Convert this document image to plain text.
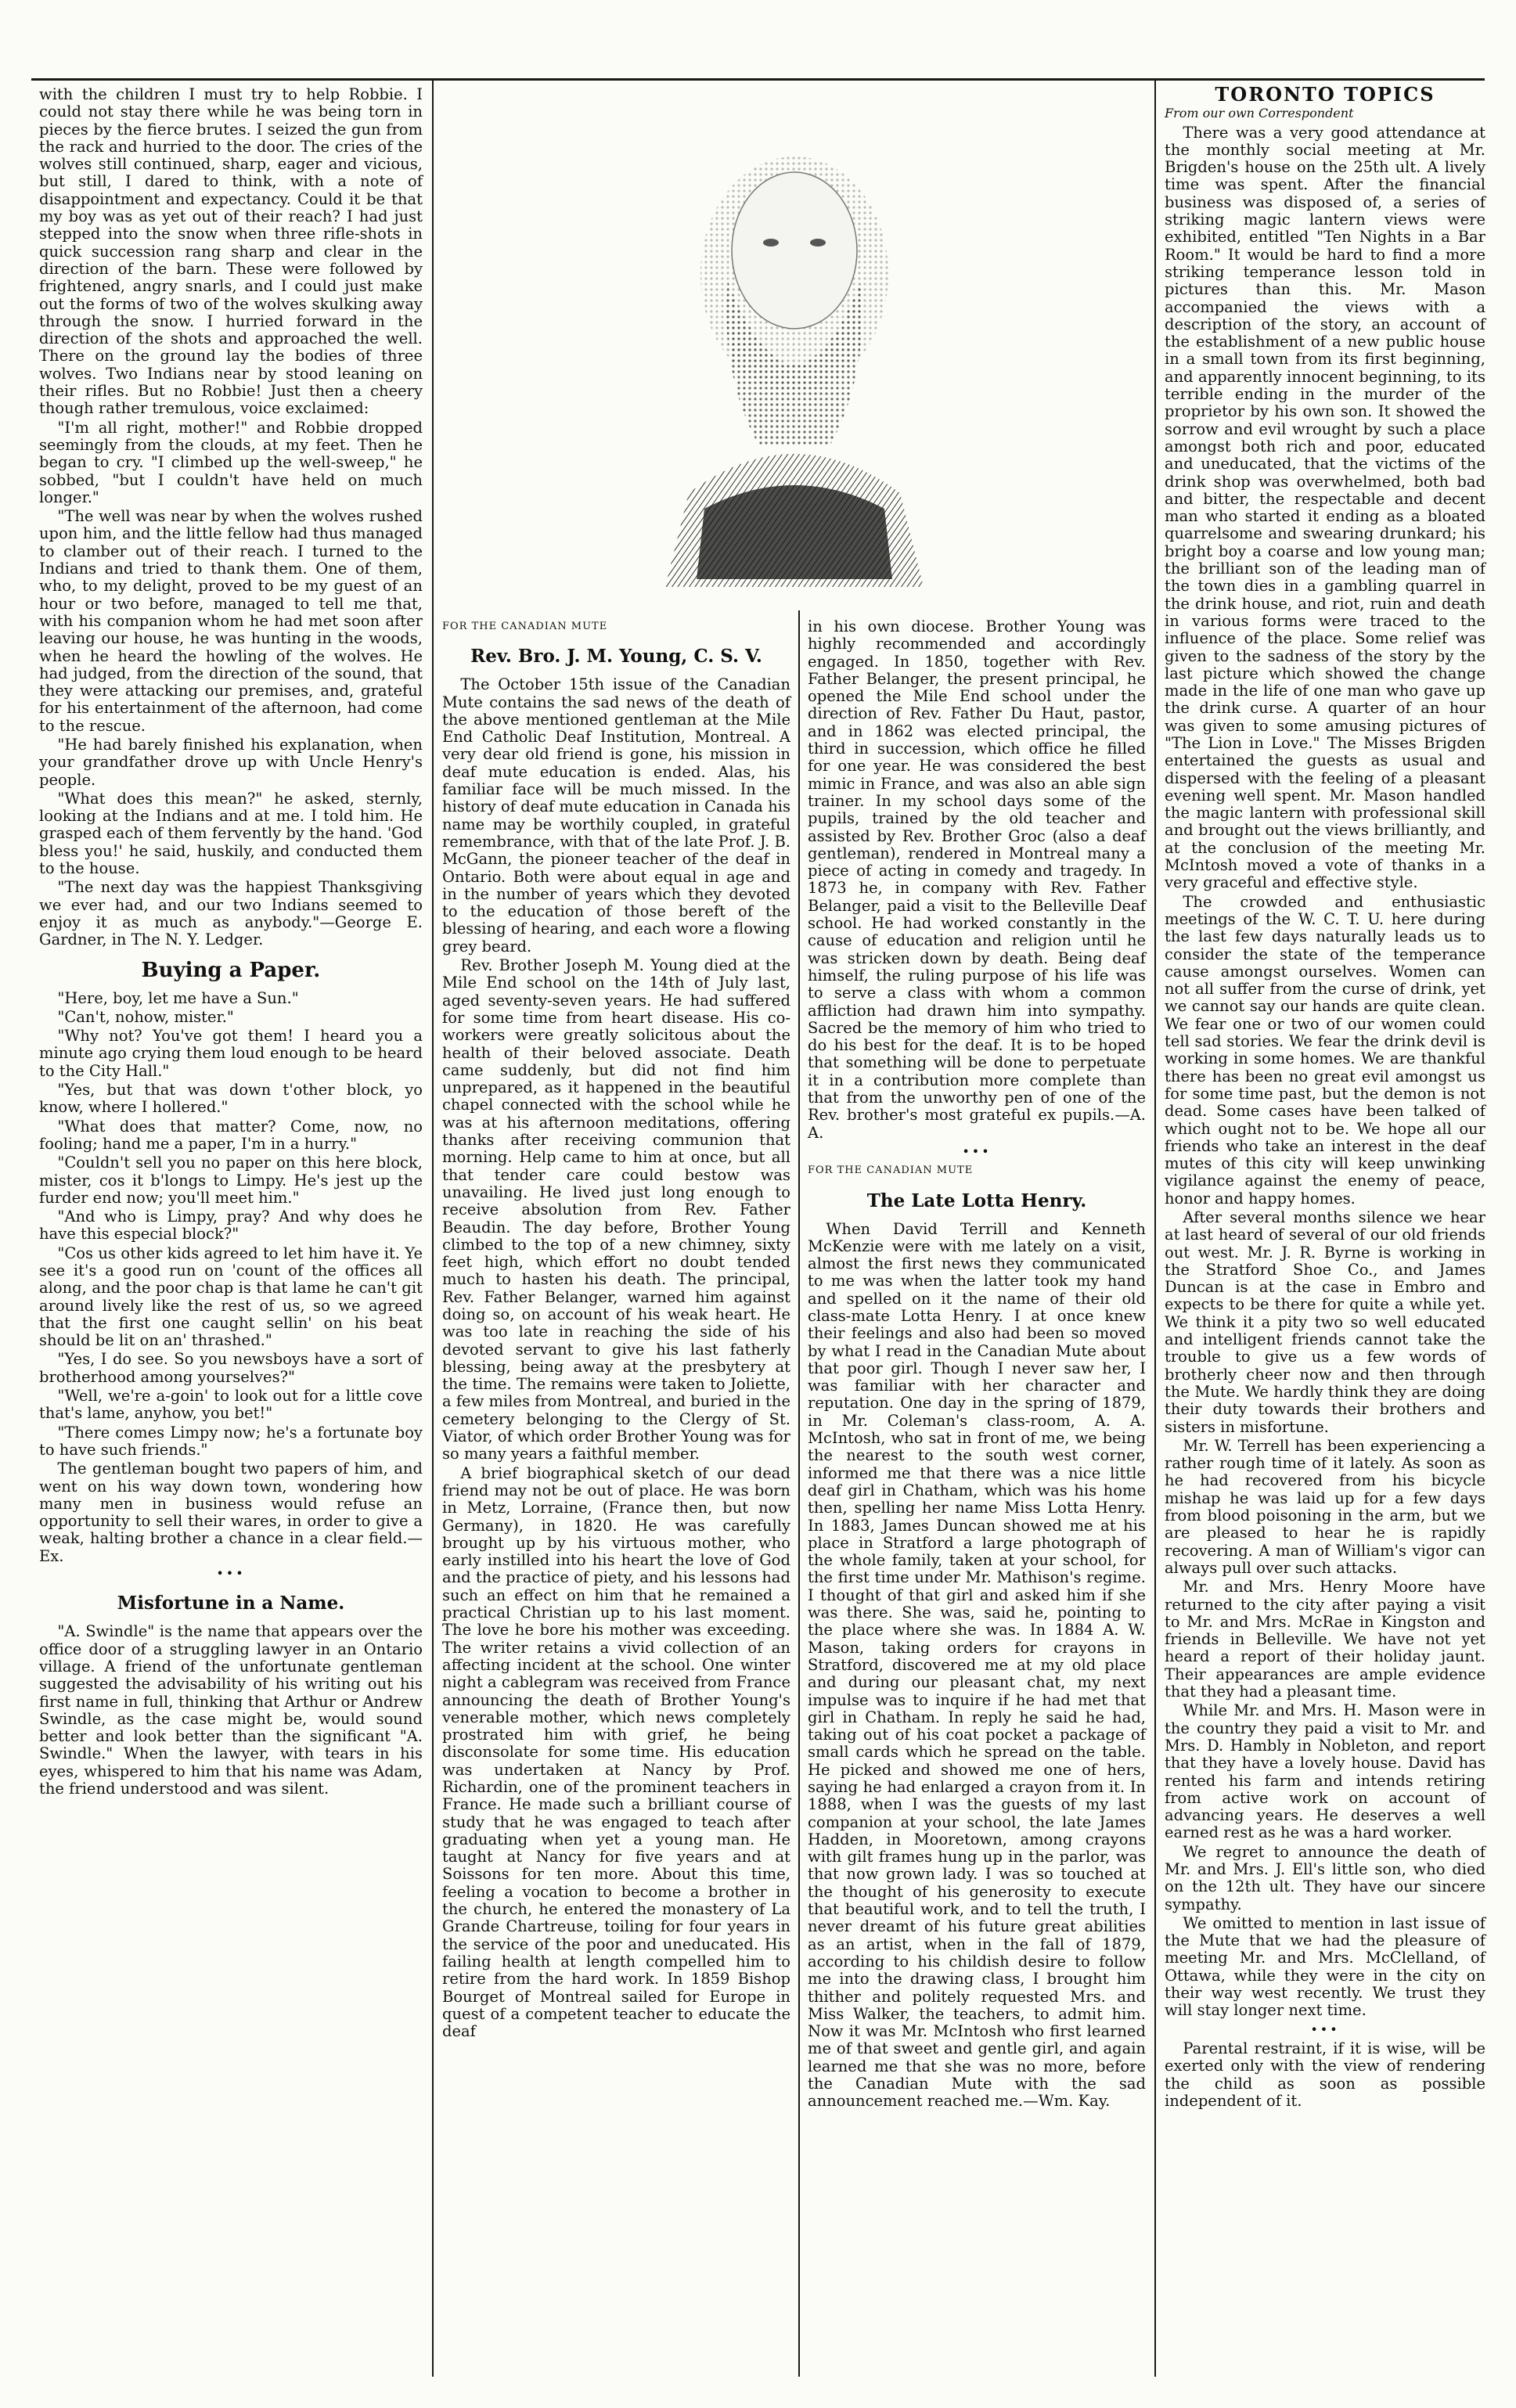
with the children I must try to help Robbie. I could not stay there while he was being torn in pieces by the fierce brutes. I seized the gun from the rack and hurried to the door. The cries of the wolves still continued, sharp, eager and vicious, but still, I dared to think, with a note of disappointment and expectancy. Could it be that my boy was as yet out of their reach? I had just stepped into the snow when three rifle-shots in quick succession rang sharp and clear in the direction of the barn. These were followed by frightened, angry snarls, and I could just make out the forms of two of the wolves skulking away through the snow. I hurried forward in the direction of the shots and approached the well. There on the ground lay the bodies of three wolves. Two Indians near by stood leaning on their rifles. But no Robbie! Just then a cheery though rather tremulous, voice exclaimed:

"I'm all right, mother!" and Robbie dropped seemingly from the clouds, at my feet. Then he began to cry. "I climbed up the well-sweep," he sobbed, "but I couldn't have held on much longer."

"The well was near by when the wolves rushed upon him, and the little fellow had thus managed to clamber out of their reach. I turned to the Indians and tried to thank them. One of them, who, to my delight, proved to be my guest of an hour or two before, managed to tell me that, with his companion whom he had met soon after leaving our house, he was hunting in the woods, when he heard the howling of the wolves. He had judged, from the direction of the sound, that they were attacking our premises, and, grateful for his entertainment of the afternoon, had come to the rescue.

"He had barely finished his explanation, when your grandfather drove up with Uncle Henry's people.

"What does this mean?" he asked, sternly, looking at the Indians and at me. I told him. He grasped each of them fervently by the hand. 'God bless you!' he said, huskily, and conducted them to the house.

"The next day was the happiest Thanksgiving we ever had, and our two Indians seemed to enjoy it as much as anybody."—George E. Gardner, in The N. Y. Ledger.

Buying a Paper.

"Here, boy, let me have a Sun."

"Can't, nohow, mister."

"Why not? You've got them! I heard you a minute ago crying them loud enough to be heard to the City Hall."

"Yes, but that was down t'other block, yo know, where I hollered."

"What does that matter? Come, now, no fooling; hand me a paper, I'm in a hurry."

"Couldn't sell you no paper on this here block, mister, cos it b'longs to Limpy. He's jest up the furder end now; you'll meet him."

"And who is Limpy, pray? And why does he have this especial block?"

"Cos us other kids agreed to let him have it. Ye see it's a good run on 'count of the offices all along, and the poor chap is that lame he can't git around lively like the rest of us, so we agreed that the first one caught sellin' on his beat should be lit on an' thrashed."

"Yes, I do see. So you newsboys have a sort of brotherhood among yourselves?"

"Well, we're a-goin' to look out for a little cove that's lame, anyhow, you bet!"

"There comes Limpy now; he's a fortunate boy to have such friends."

The gentleman bought two papers of him, and went on his way down town, wondering how many men in business would refuse an opportunity to sell their wares, in order to give a weak, halting brother a chance in a clear field.—Ex.

•••

Misfortune in a Name.

"A. Swindle" is the name that appears over the office door of a struggling lawyer in an Ontario village. A friend of the unfortunate gentleman suggested the advisability of his writing out his first name in full, thinking that Arthur or Andrew Swindle, as the case might be, would sound better and look better than the significant "A. Swindle." When the lawyer, with tears in his eyes, whispered to him that his name was Adam, the friend understood and was silent.

FOR THE CANADIAN MUTE

Rev. Bro. J. M. Young, C. S. V.

The October 15th issue of the Canadian Mute contains the sad news of the death of the above mentioned gentleman at the Mile End Catholic Deaf Institution, Montreal. A very dear old friend is gone, his mission in deaf mute education is ended. Alas, his familiar face will be much missed. In the history of deaf mute education in Canada his name may be worthily coupled, in grateful remembrance, with that of the late Prof. J. B. McGann, the pioneer teacher of the deaf in Ontario. Both were about equal in age and in the number of years which they devoted to the education of those bereft of the blessing of hearing, and each wore a flowing grey beard.

Rev. Brother Joseph M. Young died at the Mile End school on the 14th of July last, aged seventy-seven years. He had suffered for some time from heart disease. His co-workers were greatly solicitous about the health of their beloved associate. Death came suddenly, but did not find him unprepared, as it happened in the beautiful chapel connected with the school while he was at his afternoon meditations, offering thanks after receiving communion that morning. Help came to him at once, but all that tender care could bestow was unavailing. He lived just long enough to receive absolution from Rev. Father Beaudin. The day before, Brother Young climbed to the top of a new chimney, sixty feet high, which effort no doubt tended much to hasten his death. The principal, Rev. Father Belanger, warned him against doing so, on account of his weak heart. He was too late in reaching the side of his devoted servant to give his last fatherly blessing, being away at the presbytery at the time. The remains were taken to Joliette, a few miles from Montreal, and buried in the cemetery belonging to the Clergy of St. Viator, of which order Brother Young was for so many years a faithful member.

A brief biographical sketch of our dead friend may not be out of place. He was born in Metz, Lorraine, (France then, but now Germany), in 1820. He was carefully brought up by his virtuous mother, who early instilled into his heart the love of God and the practice of piety, and his lessons had such an effect on him that he remained a practical Christian up to his last moment. The love he bore his mother was exceeding. The writer retains a vivid collection of an affecting incident at the school. One winter night a cablegram was received from France announcing the death of Brother Young's venerable mother, which news completely prostrated him with grief, he being disconsolate for some time. His education was undertaken at Nancy by Prof. Richardin, one of the prominent teachers in France. He made such a brilliant course of study that he was engaged to teach after graduating when yet a young man. He taught at Nancy for five years and at Soissons for ten more. About this time, feeling a vocation to become a brother in the church, he entered the monastery of La Grande Chartreuse, toiling for four years in the service of the poor and uneducated. His failing health at length compelled him to retire from the hard work. In 1859 Bishop Bourget of Montreal sailed for Europe in quest of a competent teacher to educate the deaf

in his own diocese. Brother Young was highly recommended and accordingly engaged. In 1850, together with Rev. Father Belanger, the present principal, he opened the Mile End school under the direction of Rev. Father Du Haut, pastor, and in 1862 was elected principal, the third in succession, which office he filled for one year. He was considered the best mimic in France, and was also an able sign trainer. In my school days some of the pupils, trained by the old teacher and assisted by Rev. Brother Groc (also a deaf gentleman), rendered in Montreal many a piece of acting in comedy and tragedy. In 1873 he, in company with Rev. Father Belanger, paid a visit to the Belleville Deaf school. He had worked constantly in the cause of education and religion until he was stricken down by death. Being deaf himself, the ruling purpose of his life was to serve a class with whom a common affliction had drawn him into sympathy. Sacred be the memory of him who tried to do his best for the deaf. It is to be hoped that something will be done to perpetuate it in a contribution more complete than that from the unworthy pen of one of the Rev. brother's most grateful ex pupils.—A. A.

•••

FOR THE CANADIAN MUTE

The Late Lotta Henry.

When David Terrill and Kenneth McKenzie were with me lately on a visit, almost the first news they communicated to me was when the latter took my hand and spelled on it the name of their old class-mate Lotta Henry. I at once knew their feelings and also had been so moved by what I read in the Canadian Mute about that poor girl. Though I never saw her, I was familiar with her character and reputation. One day in the spring of 1879, in Mr. Coleman's class-room, A. A. McIntosh, who sat in front of me, we being the nearest to the south west corner, informed me that there was a nice little deaf girl in Chatham, which was his home then, spelling her name Miss Lotta Henry. In 1883, James Duncan showed me at his place in Stratford a large photograph of the whole family, taken at your school, for the first time under Mr. Mathison's regime. I thought of that girl and asked him if she was there. She was, said he, pointing to the place where she was. In 1884 A. W. Mason, taking orders for crayons in Stratford, discovered me at my old place and during our pleasant chat, my next impulse was to inquire if he had met that girl in Chatham. In reply he said he had, taking out of his coat pocket a package of small cards which he spread on the table. He picked and showed me one of hers, saying he had enlarged a crayon from it. In 1888, when I was the guests of my last companion at your school, the late James Hadden, in Mooretown, among crayons with gilt frames hung up in the parlor, was that now grown lady. I was so touched at the thought of his generosity to execute that beautiful work, and to tell the truth, I never dreamt of his future great abilities as an artist, when in the fall of 1879, according to his childish desire to follow me into the drawing class, I brought him thither and politely requested Mrs. and Miss Walker, the teachers, to admit him. Now it was Mr. McIntosh who first learned me of that sweet and gentle girl, and again learned me that she was no more, before the Canadian Mute with the sad announcement reached me.—Wm. Kay.

TORONTO TOPICS

From our own Correspondent

There was a very good attendance at the monthly social meeting at Mr. Brigden's house on the 25th ult. A lively time was spent. After the financial business was disposed of, a series of striking magic lantern views were exhibited, entitled "Ten Nights in a Bar Room." It would be hard to find a more striking temperance lesson told in pictures than this. Mr. Mason accompanied the views with a description of the story, an account of the establishment of a new public house in a small town from its first beginning, and apparently innocent beginning, to its terrible ending in the murder of the proprietor by his own son. It showed the sorrow and evil wrought by such a place amongst both rich and poor, educated and uneducated, that the victims of the drink shop was overwhelmed, both bad and bitter, the respectable and decent man who started it ending as a bloated quarrelsome and swearing drunkard; his bright boy a coarse and low young man; the brilliant son of the leading man of the town dies in a gambling quarrel in the drink house, and riot, ruin and death in various forms were traced to the influence of the place. Some relief was given to the sadness of the story by the last picture which showed the change made in the life of one man who gave up the drink curse. A quarter of an hour was given to some amusing pictures of "The Lion in Love." The Misses Brigden entertained the guests as usual and dispersed with the feeling of a pleasant evening well spent. Mr. Mason handled the magic lantern with professional skill and brought out the views brilliantly, and at the conclusion of the meeting Mr. McIntosh moved a vote of thanks in a very graceful and effective style.

The crowded and enthusiastic meetings of the W. C. T. U. here during the last few days naturally leads us to consider the state of the temperance cause amongst ourselves. Women can not all suffer from the curse of drink, yet we cannot say our hands are quite clean. We fear one or two of our women could tell sad stories. We fear the drink devil is working in some homes. We are thankful there has been no great evil amongst us for some time past, but the demon is not dead. Some cases have been talked of which ought not to be. We hope all our friends who take an interest in the deaf mutes of this city will keep unwinking vigilance against the enemy of peace, honor and happy homes.

After several months silence we hear at last heard of several of our old friends out west. Mr. J. R. Byrne is working in the Stratford Shoe Co., and James Duncan is at the case in Embro and expects to be there for quite a while yet. We think it a pity two so well educated and intelligent friends cannot take the trouble to give us a few words of brotherly cheer now and then through the Mute. We hardly think they are doing their duty towards their brothers and sisters in misfortune.

Mr. W. Terrell has been experiencing a rather rough time of it lately. As soon as he had recovered from his bicycle mishap he was laid up for a few days from blood poisoning in the arm, but we are pleased to hear he is rapidly recovering. A man of William's vigor can always pull over such attacks.

Mr. and Mrs. Henry Moore have returned to the city after paying a visit to Mr. and Mrs. McRae in Kingston and friends in Belleville. We have not yet heard a report of their holiday jaunt. Their appearances are ample evidence that they had a pleasant time.

While Mr. and Mrs. H. Mason were in the country they paid a visit to Mr. and Mrs. D. Hambly in Nobleton, and report that they have a lovely house. David has rented his farm and intends retiring from active work on account of advancing years. He deserves a well earned rest as he was a hard worker.

We regret to announce the death of Mr. and Mrs. J. Ell's little son, who died on the 12th ult. They have our sincere sympathy.

We omitted to mention in last issue of the Mute that we had the pleasure of meeting Mr. and Mrs. McClelland, of Ottawa, while they were in the city on their way west recently. We trust they will stay longer next time.

•••

Parental restraint, if it is wise, will be exerted only with the view of rendering the child as soon as possible independent of it.
